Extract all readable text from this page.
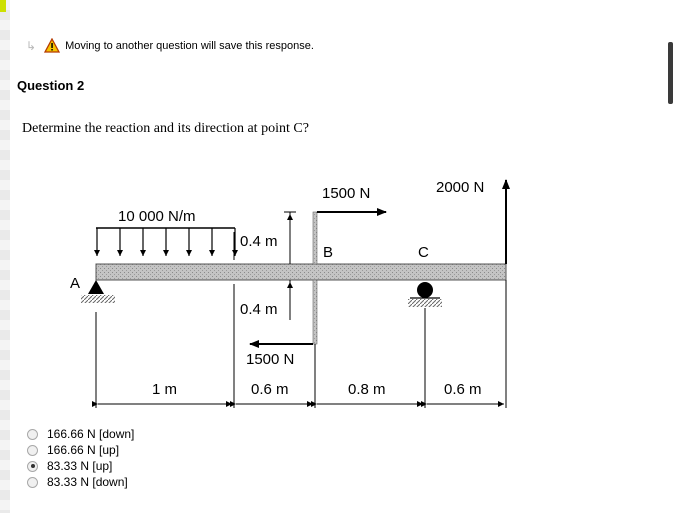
↳	Moving to another question will save this response.
Question 2
Determine the reaction and its direction at point C?
10 000 N/m
A
0.4 m
1500 N
B
0.4 m
1500 N
C
2000 N
1 m	0.6 m	0.8 m	0.6 m
166.66 N [down]
166.66 N [up]
83.33 N [up]
83.33 N [down]
